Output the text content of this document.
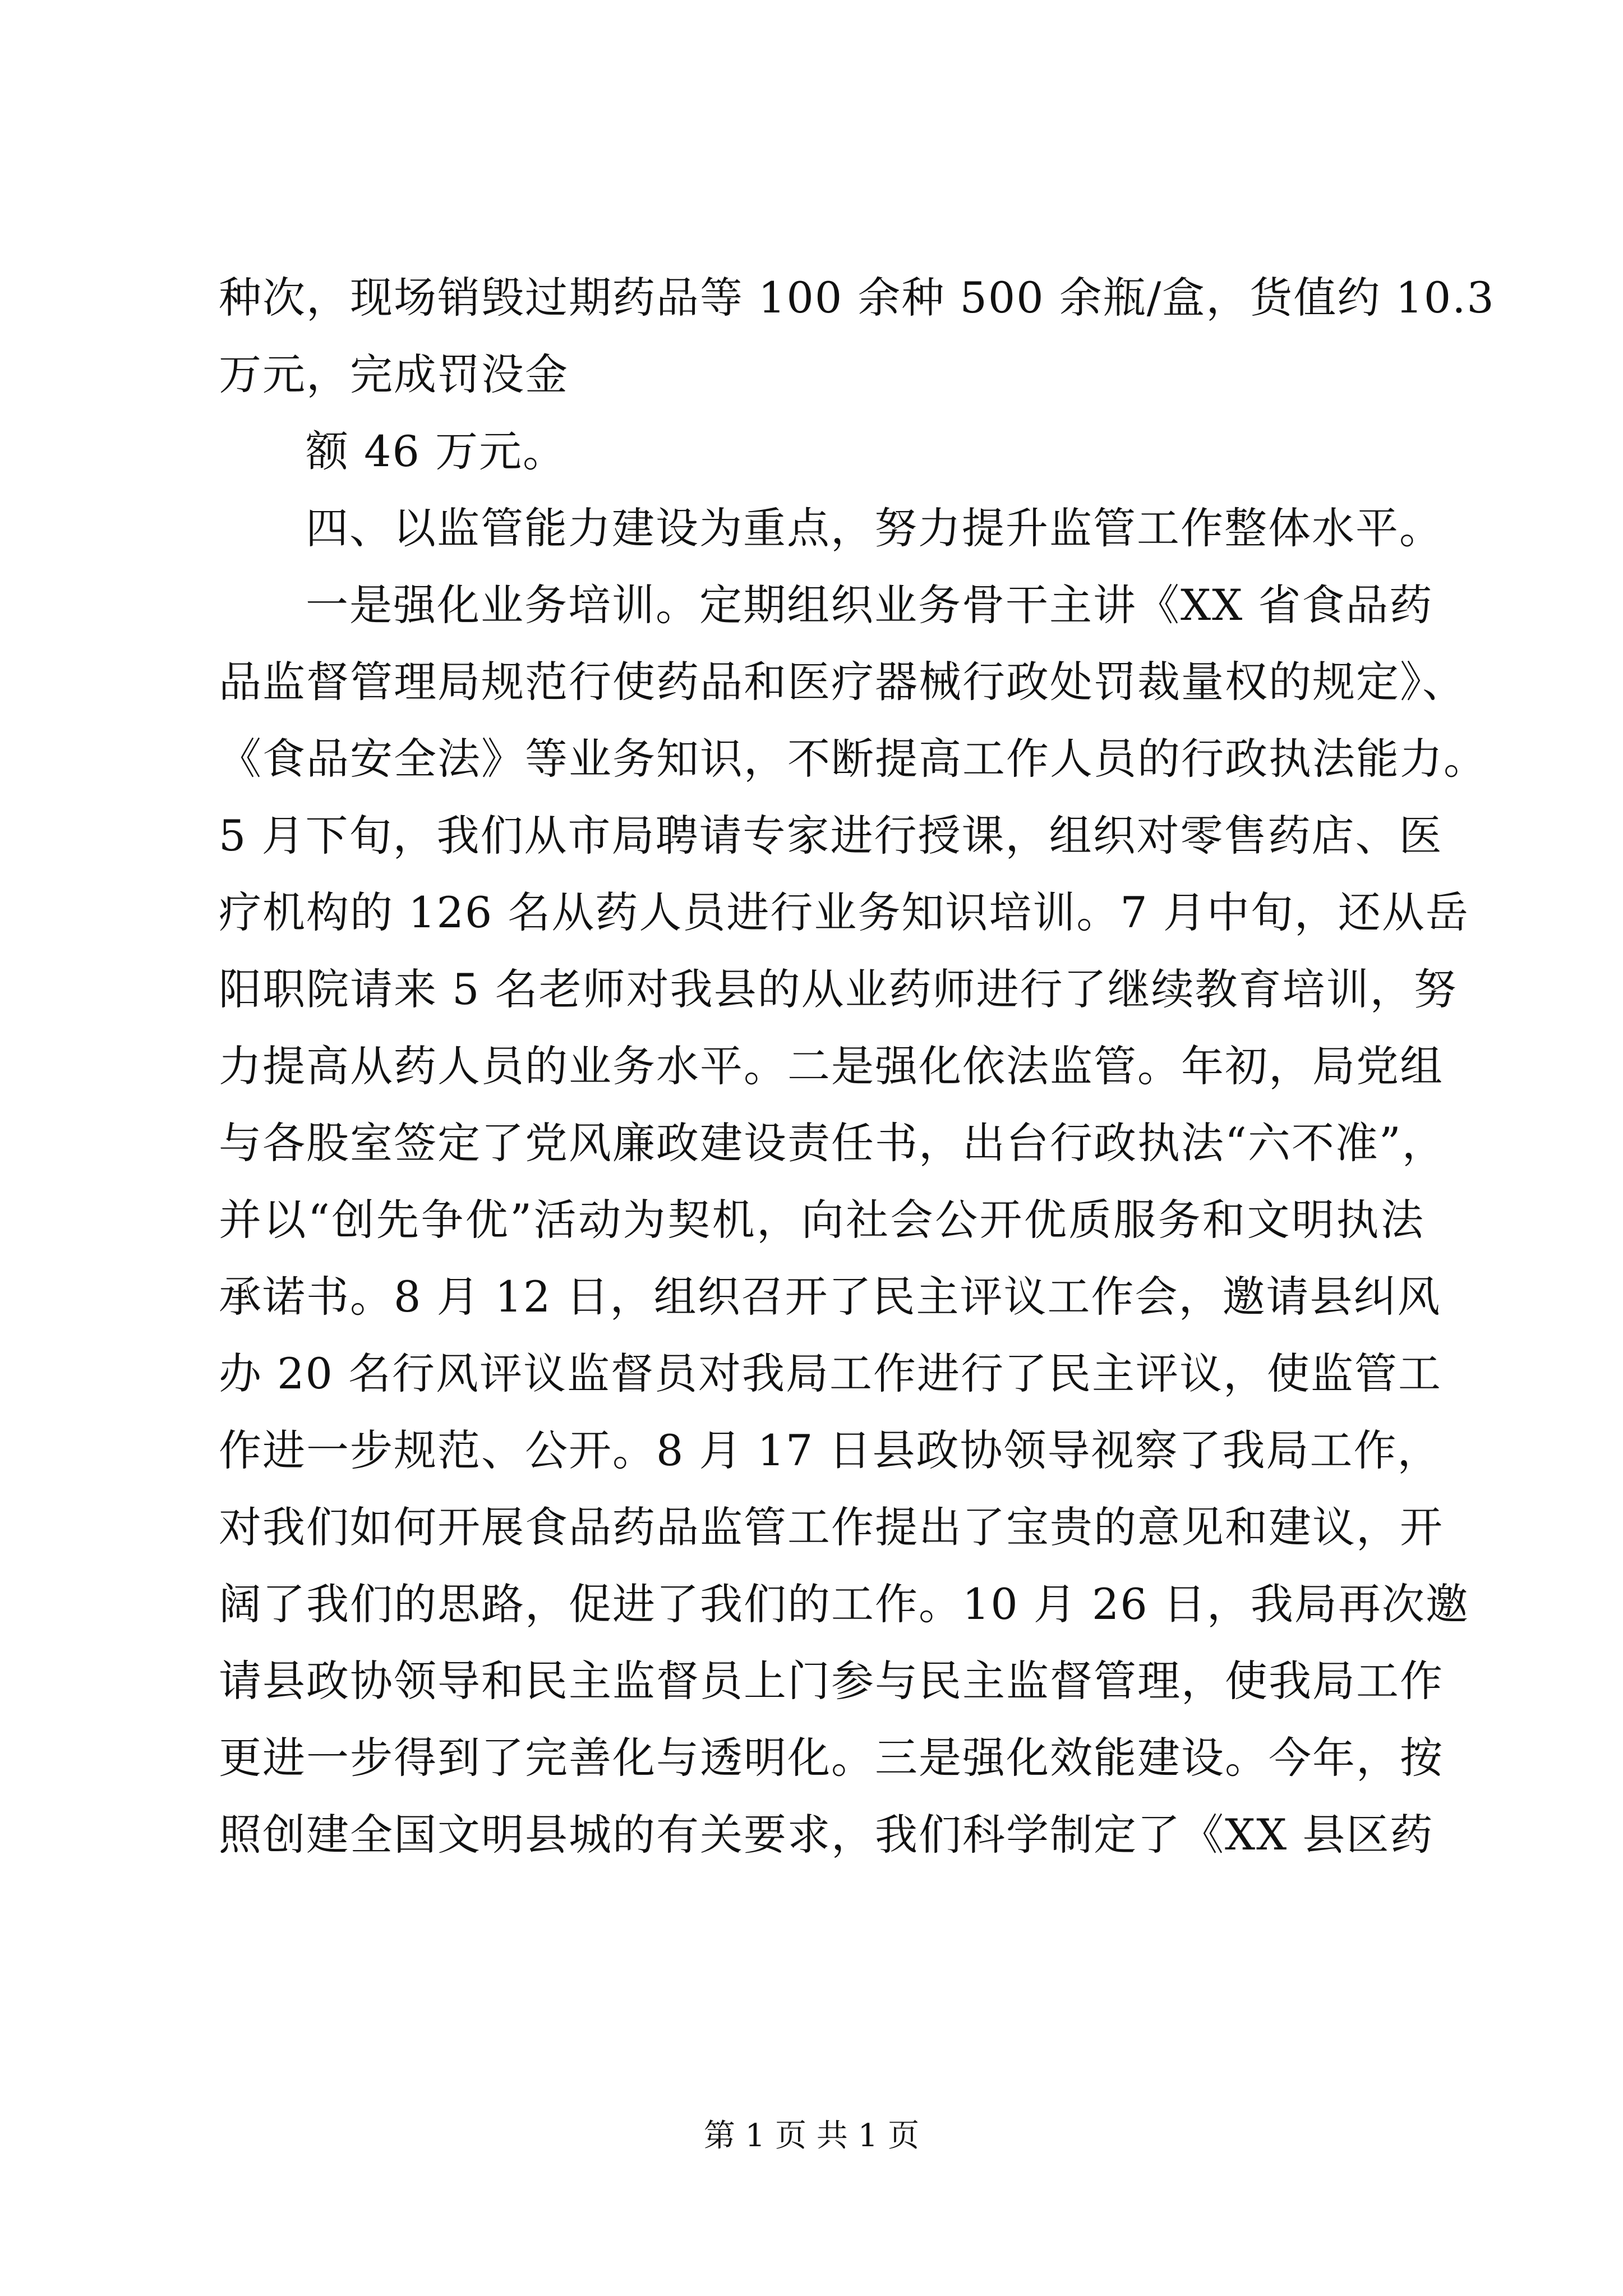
种次，现场销毁过期药品等 100 余种 500 余瓶/盒，货值约 10.3
万元，完成罚没金
额 46 万元。
四、以监管能力建设为重点，努力提升监管工作整体水平。
一是强化业务培训。定期组织业务骨干主讲《XX 省食品药
品监督管理局规范行使药品和医疗器械行政处罚裁量权的规定》、
《食品安全法》等业务知识，不断提高工作人员的行政执法能力。
5 月下旬，我们从市局聘请专家进行授课，组织对零售药店、医
疗机构的 126 名从药人员进行业务知识培训。7 月中旬，还从岳
阳职院请来 5 名老师对我县的从业药师进行了继续教育培训，努
力提高从药人员的业务水平。二是强化依法监管。年初，局党组
与各股室签定了党风廉政建设责任书，出台行政执法“六不准”，
并以“创先争优”活动为契机，向社会公开优质服务和文明执法
承诺书。8 月 12 日，组织召开了民主评议工作会，邀请县纠风
办 20 名行风评议监督员对我局工作进行了民主评议，使监管工
作进一步规范、公开。8 月 17 日县政协领导视察了我局工作，
对我们如何开展食品药品监管工作提出了宝贵的意见和建议，开
阔了我们的思路，促进了我们的工作。10 月 26 日，我局再次邀
请县政协领导和民主监督员上门参与民主监督管理，使我局工作
更进一步得到了完善化与透明化。三是强化效能建设。今年，按
照创建全国文明县城的有关要求，我们科学制定了《XX 县区药
第 1 页 共 1 页
